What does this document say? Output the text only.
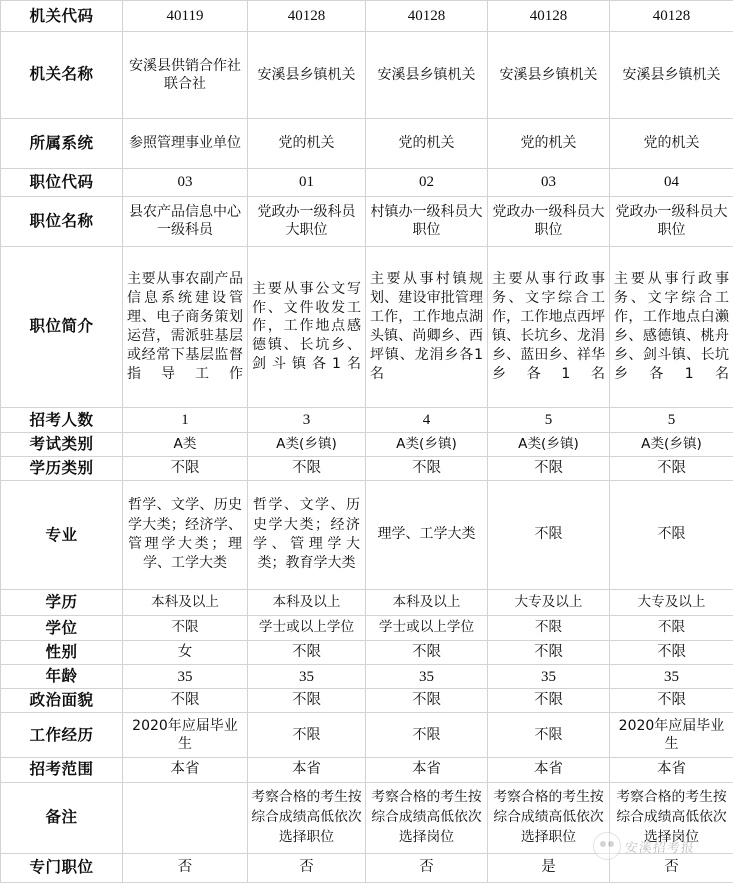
机关代码	40119	40128	40128	40128	40128
机关名称	安溪县供销合作社联合社	安溪县乡镇机关	安溪县乡镇机关	安溪县乡镇机关	安溪县乡镇机关
所属系统	参照管理事业单位	党的机关	党的机关	党的机关	党的机关
职位代码	03	01	02	03	04
职位名称	县农产品信息中心一级科员	党政办一级科员大职位	村镇办一级科员大职位	党政办一级科员大职位	党政办一级科员大职位
职位简介	主要从事农副产品信息系统建设管理、电子商务策划运营，需派驻基层或经常下基层监督指导工作	主要从事公文写作、文件收发工作，工作地点感德镇、长坑乡、剑斗镇各1名	主要从事村镇规划、建设审批管理工作，工作地点湖头镇、尚卿乡、西坪镇、龙涓乡各1名	主要从事行政事务、文字综合工作，工作地点西坪镇、长坑乡、龙涓乡、蓝田乡、祥华乡各1名	主要从事行政事务、文字综合工作，工作地点白濑乡、感德镇、桃舟乡、剑斗镇、长坑乡各1名
招考人数	1	3	4	5	5
考试类别	A类	A类(乡镇)	A类(乡镇)	A类(乡镇)	A类(乡镇)
学历类别	不限	不限	不限	不限	不限
专业	哲学、文学、历史学大类；经济学、管理学大类；理学、工学大类	哲学、文学、历史学大类；经济学、管理学大类；教育学大类	理学、工学大类	不限	不限
学历	本科及以上	本科及以上	本科及以上	大专及以上	大专及以上
学位	不限	学士或以上学位	学士或以上学位	不限	不限
性别	女	不限	不限	不限	不限
年龄	35	35	35	35	35
政治面貌	不限	不限	不限	不限	不限
工作经历	2020年应届毕业生	不限	不限	不限	2020年应届毕业生
招考范围	本省	本省	本省	本省	本省
备注		考察合格的考生按综合成绩高低依次选择职位	考察合格的考生按综合成绩高低依次选择岗位	考察合格的考生按综合成绩高低依次选择职位	考察合格的考生按综合成绩高低依次选择岗位
专门职位	否	否	否	是	否
安溪招考报
